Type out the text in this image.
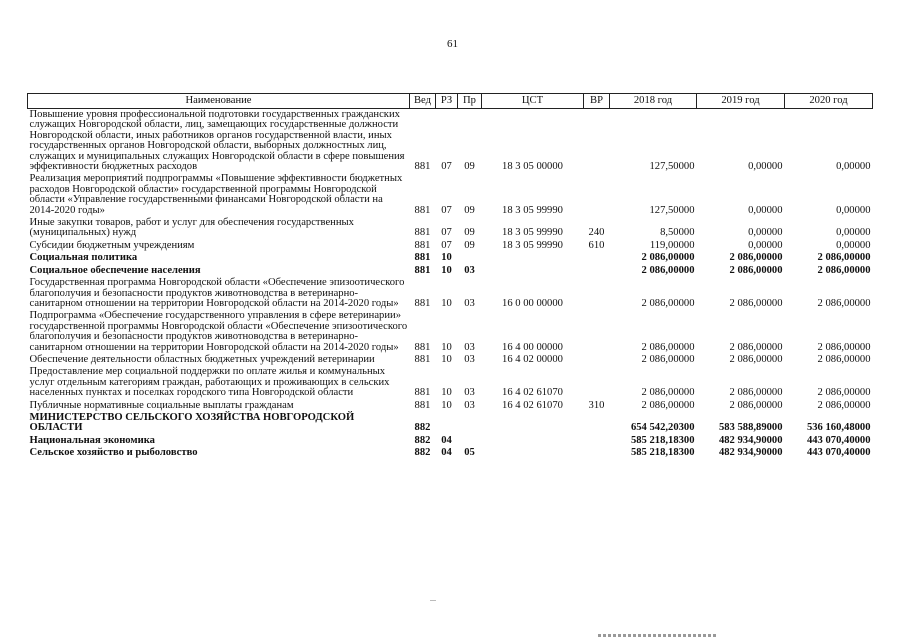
61
Наименование	Вед	РЗ	Пр	ЦСТ	ВР	2018 год	2019 год	2020 год
Повышение уровня профессиональной подготовки государственных гражданских служащих Новгородской области, лиц, замещающих государственные должности Новгородской области, иных работников органов государственной власти, иных государственных органов Новгородской области, выборных должностных лиц, служащих и муниципальных служащих Новгородской области в сфере повышения эффективности бюджетных расходов	881	07	09	18 3 05 00000		127,50000	0,00000	0,00000
Реализация мероприятий подпрограммы «Повышение эффективности бюджетных расходов Новгородской области» государственной программы Новгородской области «Управление государственными финансами Новгородской области на 2014-2020 годы»	881	07	09	18 3 05 99990		127,50000	0,00000	0,00000
Иные закупки товаров, работ и услуг для обеспечения государственных (муниципальных) нужд	881	07	09	18 3 05 99990	240	8,50000	0,00000	0,00000
Субсидии бюджетным учреждениям	881	07	09	18 3 05 99990	610	119,00000	0,00000	0,00000
Социальная политика	881	10				2 086,00000	2 086,00000	2 086,00000
Социальное обеспечение населения	881	10	03			2 086,00000	2 086,00000	2 086,00000
Государственная программа Новгородской области «Обеспечение эпизоотического благополучия и безопасности продуктов животноводства в ветеринарно-санитарном отношении на территории Новгородской области на 2014-2020 годы»	881	10	03	16 0 00 00000		2 086,00000	2 086,00000	2 086,00000
Подпрограмма «Обеспечение государственного управления в сфере ветеринарии» государственной программы Новгородской области «Обеспечение эпизоотического благополучия и безопасности продуктов животноводства в ветеринарно-санитарном отношении на территории Новгородской области на 2014-2020 годы»	881	10	03	16 4 00 00000		2 086,00000	2 086,00000	2 086,00000
Обеспечение деятельности областных бюджетных учреждений ветеринарии	881	10	03	16 4 02 00000		2 086,00000	2 086,00000	2 086,00000
Предоставление мер социальной поддержки по оплате жилья и коммунальных услуг отдельным категориям граждан, работающих и проживающих в сельских населенных пунктах и поселках городского типа Новгородской области	881	10	03	16 4 02 61070		2 086,00000	2 086,00000	2 086,00000
Публичные нормативные социальные выплаты гражданам	881	10	03	16 4 02 61070	310	2 086,00000	2 086,00000	2 086,00000
МИНИСТЕРСТВО СЕЛЬСКОГО ХОЗЯЙСТВА НОВГОРОДСКОЙ ОБЛАСТИ	882					654 542,20300	583 588,89000	536 160,48000
Национальная экономика	882	04				585 218,18300	482 934,90000	443 070,40000
Сельское хозяйство и рыболовство	882	04	05			585 218,18300	482 934,90000	443 070,40000
